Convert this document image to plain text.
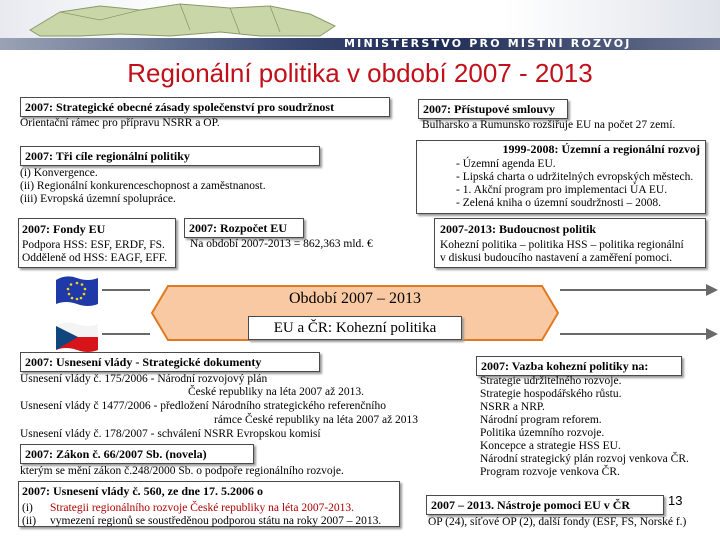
MINISTERSTVO PRO MÍSTNÍ ROZVOJ
Regionální politika v období 2007 - 2013
2007: Strategické obecné zásady společenství pro soudržnost
Orientační rámec pro přípravu NSRR a OP.
2007: Přístupové smlouvy
Bulharsko a Rumunsko rozšiřuje EU na počet 27 zemí.
2007: Tři cíle regionální politiky
(i) Konvergence.
(ii) Regionální konkurenceschopnost a zaměstnanost.
(iii) Evropská územní spolupráce.
1999-2008: Územní a regionální rozvoj
- Územní agenda EU.
- Lipská charta o udržitelných evropských městech.
- 1. Akční program pro implementaci ÚA EU.
- Zelená kniha o územní soudržnosti – 2008.
2007: Fondy EU
Podpora HSS: ESF, ERDF, FS.
Odděleně od HSS: EAGF, EFF.
2007: Rozpočet EU
Na období 2007-2013 = 862,363 mld. €
2007-2013: Budoucnost politik
Kohezní politika – politika HSS – politika regionální
v diskusi budoucího nastavení a zaměření pomoci.
Období 2007 – 2013
EU a ČR: Kohezní politika
2007: Usnesení vlády - Strategické dokumenty
Usnesení vlády č. 175/2006 - Národní rozvojový plán
České republiky na léta 2007 až 2013.
Usnesení vlády č 1477/2006 - předložení Národního strategického referenčního
rámce České republiky na léta 2007 až 2013
Usnesení vlády č. 178/2007 - schválení NSRR Evropskou komisí
2007: Zákon č. 66/2007 Sb. (novela)
kterým se mění zákon č.248/2000 Sb. o podpoře regionálního rozvoje.
2007: Usnesení vlády č. 560, ze dne 17. 5.2006 o
(i) Strategii regionálního rozvoje České republiky na léta 2007-2013.
(ii) vymezení regionů se soustředěnou podporou státu na roky 2007 – 2013.
2007: Vazba kohezní politiky na:
Strategie udržitelného rozvoje.
Strategie hospodářského růstu.
NSRR a NRP.
Národní program reforem.
Politika územního rozvoje.
Koncepce a strategie HSS EU.
Národní strategický plán rozvoj venkova ČR.
Program rozvoje venkova ČR.
2007 – 2013. Nástroje pomoci EU v ČR	13
OP (24), síťové OP (2), další fondy (ESF, FS, Norské f.)
